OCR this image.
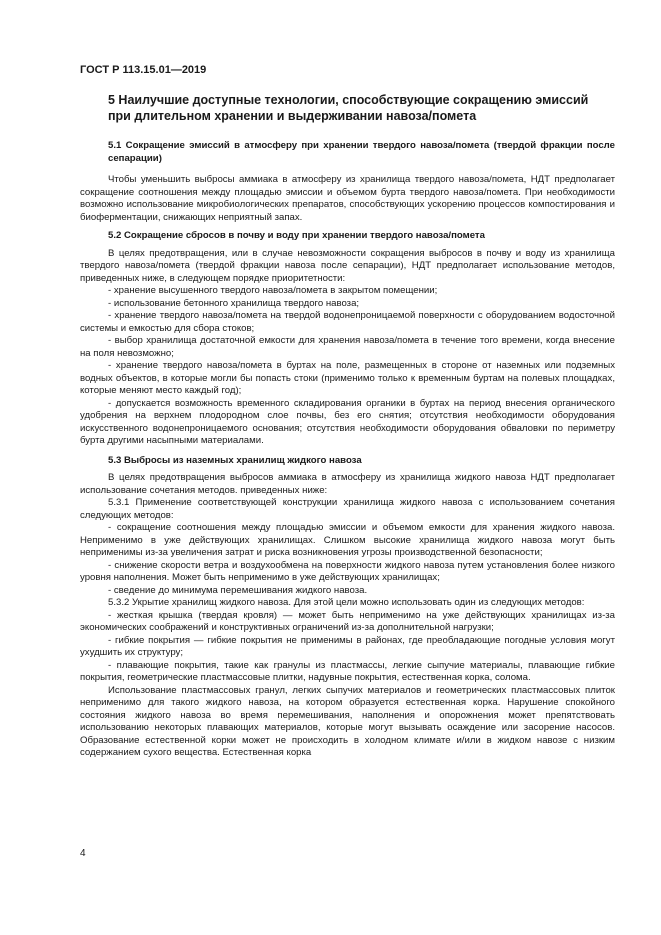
ГОСТ Р 113.15.01—2019
5 Наилучшие доступные технологии, способствующие сокращению эмиссий при длительном хранении и выдерживании навоза/помета
5.1 Сокращение эмиссий в атмосферу при хранении твердого навоза/помета (твердой фракции после сепарации)

Чтобы уменьшить выбросы аммиака в атмосферу из хранилища твердого навоза/помета, НДТ предполагает сокращение соотношения между площадью эмиссии и объемом бурта твердого навоза/помета. При необходимости возможно использование микробиологических препаратов, способствующих ускорению процессов компостирования и биоферментации, снижающих неприятный запах.

5.2 Сокращение сбросов в почву и воду при хранении твердого навоза/помета

В целях предотвращения, или в случае невозможности сокращения выбросов в почву и воду из хранилища твердого навоза/помета (твердой фракции навоза после сепарации), НДТ предполагает использование методов, приведенных ниже, в следующем порядке приоритетности:

- хранение высушенного твердого навоза/помета в закрытом помещении;

- использование бетонного хранилища твердого навоза;

- хранение твердого навоза/помета на твердой водонепроницаемой поверхности с оборудованием водосточной системы и емкостью для сбора стоков;

- выбор хранилища достаточной емкости для хранения навоза/помета в течение того времени, когда внесение на поля невозможно;

- хранение твердого навоза/помета в буртах на поле, размещенных в стороне от наземных или подземных водных объектов, в которые могли бы попасть стоки (применимо только к временным буртам на полевых площадках, которые меняют место каждый год);

- допускается возможность временного складирования органики в буртах на период внесения органического удобрения на верхнем плодородном слое почвы, без его снятия; отсутствия необходимости оборудования искусственного водонепроницаемого основания; отсутствия необходимости оборудования обваловки по периметру бурта другими насыпными материалами.

5.3 Выбросы из наземных хранилищ жидкого навоза

В целях предотвращения выбросов аммиака в атмосферу из хранилища жидкого навоза НДТ предполагает использование сочетания методов. приведенных ниже:

5.3.1 Применение соответствующей конструкции хранилища жидкого навоза с использованием сочетания следующих методов:

- сокращение соотношения между площадью эмиссии и объемом емкости для хранения жидкого навоза. Неприменимо в уже действующих хранилищах. Слишком высокие хранилища жидкого навоза могут быть неприменимы из-за увеличения затрат и риска возникновения угрозы производственной безопасности;

- снижение скорости ветра и воздухообмена на поверхности жидкого навоза путем установления более низкого уровня наполнения. Может быть неприменимо в уже действующих хранилищах;

- сведение до минимума перемешивания жидкого навоза.

5.3.2 Укрытие хранилищ жидкого навоза. Для этой цели можно использовать один из следующих методов:

- жесткая крышка (твердая кровля) — может быть неприменимо на уже действующих хранилищах из-за экономических соображений и конструктивных ограничений из-за дополнительной нагрузки;

- гибкие покрытия — гибкие покрытия не применимы в районах, где преобладающие погодные условия могут ухудшить их структуру;

- плавающие покрытия, такие как гранулы из пластмассы, легкие сыпучие материалы, плавающие гибкие покрытия, геометрические пластмассовые плитки, надувные покрытия, естественная корка, солома.

Использование пластмассовых гранул, легких сыпучих материалов и геометрических пластмассовых плиток неприменимо для такого жидкого навоза, на котором образуется естественная корка. Нарушение спокойного состояния жидкого навоза во время перемешивания, наполнения и опорожнения может препятствовать использованию некоторых плавающих материалов, которые могут вызывать осаждение или засорение насосов. Образование естественной корки может не происходить в холодном климате и/или в жидком навозе с низким содержанием сухого вещества. Естественная корка

4
